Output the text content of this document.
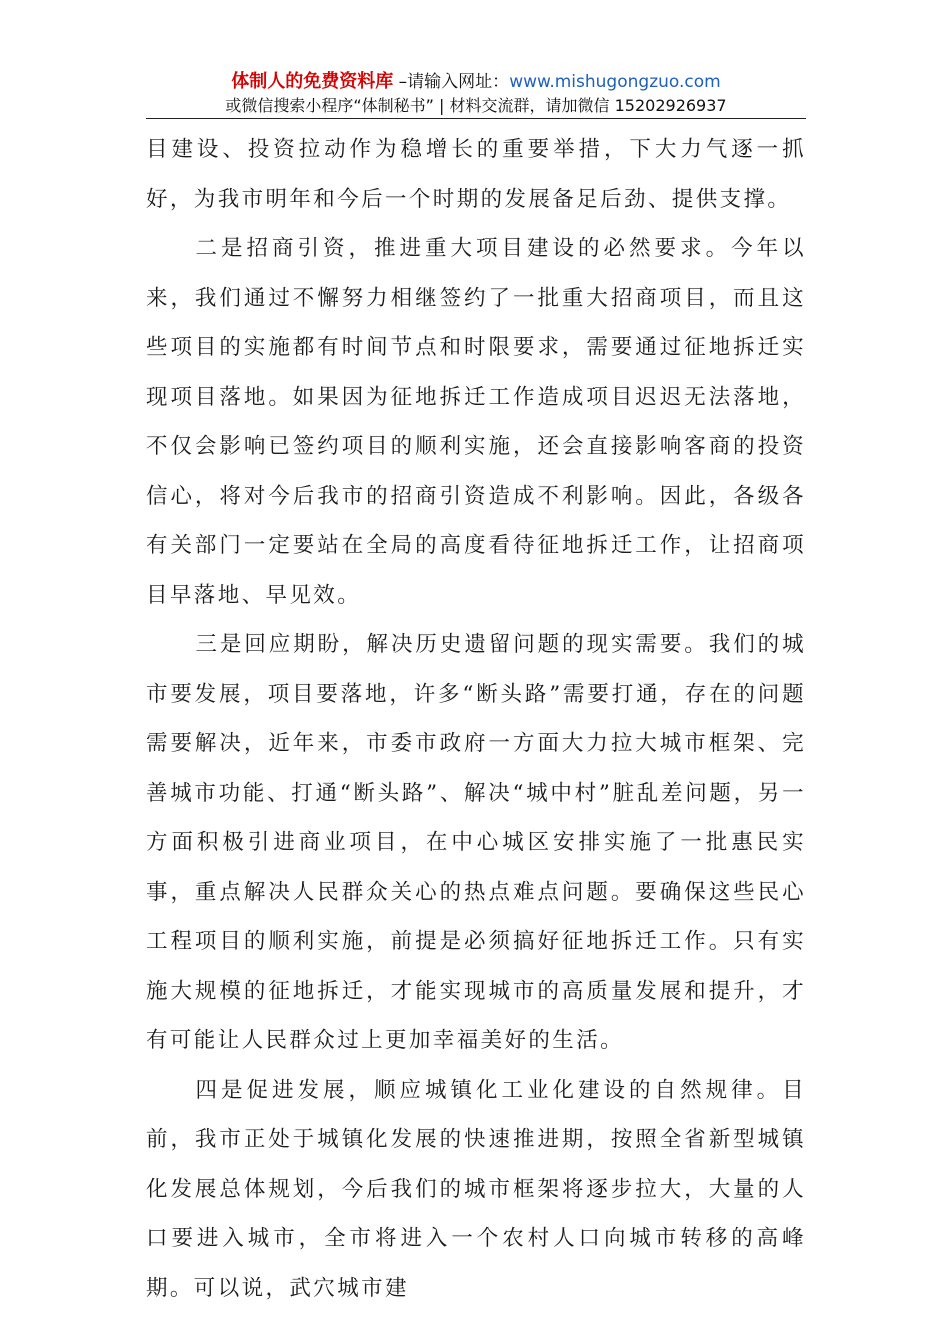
体制人的免费资料库 –请输入网址：www.mishugongzuo.com
或微信搜索小程序“体制秘书” | 材料交流群，请加微信 15202926937

目建设、投资拉动作为稳增长的重要举措，下大力气逐一抓好，为我市明年和今后一个时期的发展备足后劲、提供支撑。

二是招商引资，推进重大项目建设的必然要求。今年以来，我们通过不懈努力相继签约了一批重大招商项目，而且这些项目的实施都有时间节点和时限要求，需要通过征地拆迁实现项目落地。如果因为征地拆迁工作造成项目迟迟无法落地，不仅会影响已签约项目的顺利实施，还会直接影响客商的投资信心，将对今后我市的招商引资造成不利影响。因此，各级各有关部门一定要站在全局的高度看待征地拆迁工作，让招商项目早落地、早见效。

三是回应期盼，解决历史遗留问题的现实需要。我们的城市要发展，项目要落地，许多“断头路”需要打通，存在的问题需要解决，近年来，市委市政府一方面大力拉大城市框架、完善城市功能、打通“断头路”、解决“城中村”脏乱差问题，另一方面积极引进商业项目，在中心城区安排实施了一批惠民实事，重点解决人民群众关心的热点难点问题。要确保这些民心工程项目的顺利实施，前提是必须搞好征地拆迁工作。只有实施大规模的征地拆迁，才能实现城市的高质量发展和提升，才有可能让人民群众过上更加幸福美好的生活。

四是促进发展，顺应城镇化工业化建设的自然规律。目前，我市正处于城镇化发展的快速推进期，按照全省新型城镇化发展总体规划，今后我们的城市框架将逐步拉大，大量的人口要进入城市，全市将进入一个农村人口向城市转移的高峰期。可以说，武穴城市建
